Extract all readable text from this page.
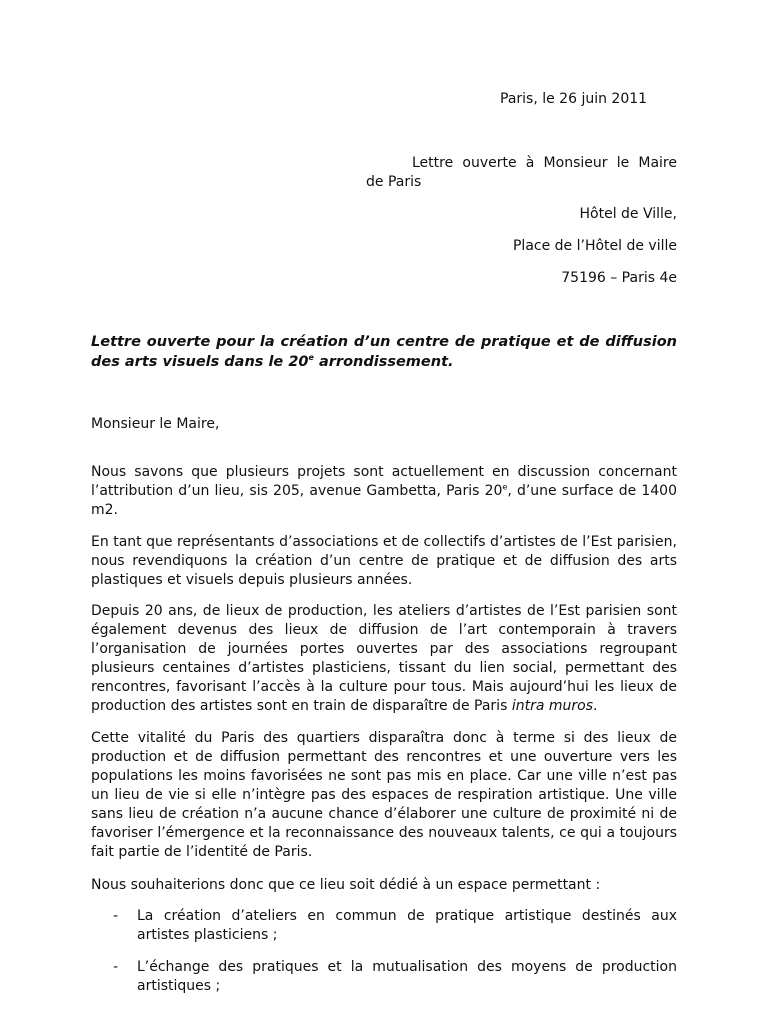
Paris, le 26 juin 2011
Lettre ouverte à Monsieur le Maire
de Paris
Hôtel de Ville,
Place de l’Hôtel de ville
75196 – Paris 4e
Lettre ouverte pour la création d’un centre de pratique et de diffusion des arts visuels dans le 20e arrondissement.
Monsieur le Maire,
Nous savons que plusieurs projets sont actuellement en discussion concernant l’attribution d’un lieu, sis 205, avenue Gambetta, Paris 20e, d’une surface de 1400 m2.
En tant que représentants d’associations et de collectifs d’artistes de l’Est parisien, nous revendiquons la création d’un centre de pratique et de diffusion des arts plastiques et visuels depuis plusieurs années.
Depuis 20 ans, de lieux de production, les ateliers d’artistes de l’Est parisien sont également devenus des lieux de diffusion de l’art contemporain à travers l’organisation de journées portes ouvertes par des associations regroupant plusieurs centaines d’artistes plasticiens, tissant du lien social, permettant des rencontres, favorisant l’accès à la culture pour tous. Mais aujourd’hui les lieux de production des artistes sont en train de disparaître de Paris intra muros.
Cette vitalité du Paris des quartiers disparaîtra donc à terme si des lieux de production et de diffusion permettant des rencontres et une ouverture vers les populations les moins favorisées ne sont pas mis en place. Car une ville n’est pas un lieu de vie si elle n’intègre pas des espaces de respiration artistique. Une ville sans lieu de création n’a aucune chance d’élaborer une culture de proximité ni de favoriser l’émergence et la reconnaissance des nouveaux talents, ce qui a toujours fait partie de l’identité de Paris.
Nous souhaiterions donc que ce lieu soit dédié à un espace permettant :
- La création d’ateliers en commun de pratique artistique destinés aux artistes plasticiens ;
- L’échange des pratiques et la mutualisation des moyens de production artistiques ;
